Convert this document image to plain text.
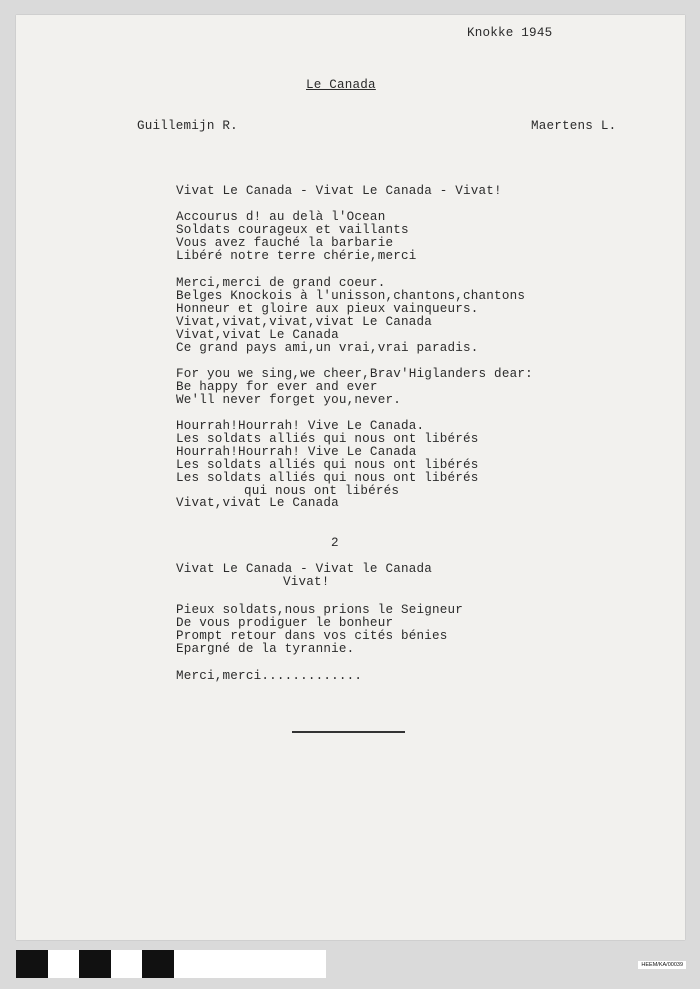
Knokke 1945
Le Canada
Guillemijn R.	Maertens L.
Vivat Le Canada - Vivat Le Canada - Vivat!
Accourus d! au delà l'Ocean
Soldats courageux et vaillants
Vous avez fauché la barbarie
Libéré notre terre chérie,merci
Merci,merci de grand coeur.
Belges Knockois à l'unisson,chantons,chantons
Honneur et gloire aux pieux vainqueurs.
Vivat,vivat,vivat,vivat Le Canada
Vivat,vivat Le Canada
Ce grand pays ami,un vrai,vrai paradis.
For you we sing,we cheer,Brav'Higlanders dear:
Be happy for ever and ever
We'll never forget you,never.
Hourrah!Hourrah! Vive Le Canada.
Les soldats alliés qui nous ont libérés
Hourrah!Hourrah! Vive Le Canada
Les soldats alliés qui nous ont libérés
Les soldats alliés qui nous ont libérés
qui nous ont libérés
Vivat,vivat Le Canada
2
Vivat Le Canada - Vivat le Canada
Vivat!
Pieux soldats,nous prions le Seigneur
De vous prodiguer le bonheur
Prompt retour dans vos cités bénies
Epargné de la tyrannie.
Merci,merci.............
HEEM/KA/00039
